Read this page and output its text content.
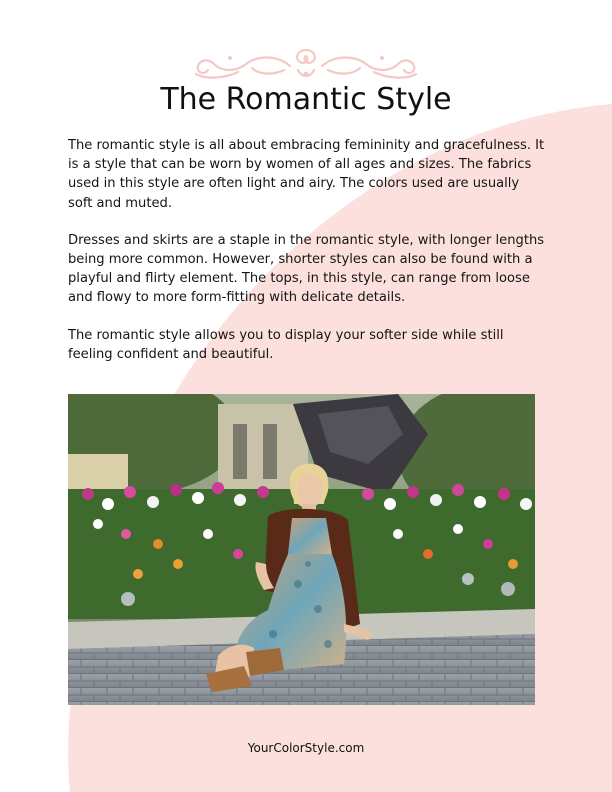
The Romantic Style

The romantic style is all about embracing femininity and gracefulness. It is a style that can be worn by women of all ages and sizes. The fabrics used in this style are often light and airy. The colors used are usually soft and muted.

Dresses and skirts are a staple in the romantic style, with longer lengths being more common. However, shorter styles can also be found with a playful and flirty element. The tops, in this style, can range from loose and flowy to more form-fitting with delicate details.

The romantic style allows you to display your softer side while still feeling confident and beautiful.

YourColorStyle.com
